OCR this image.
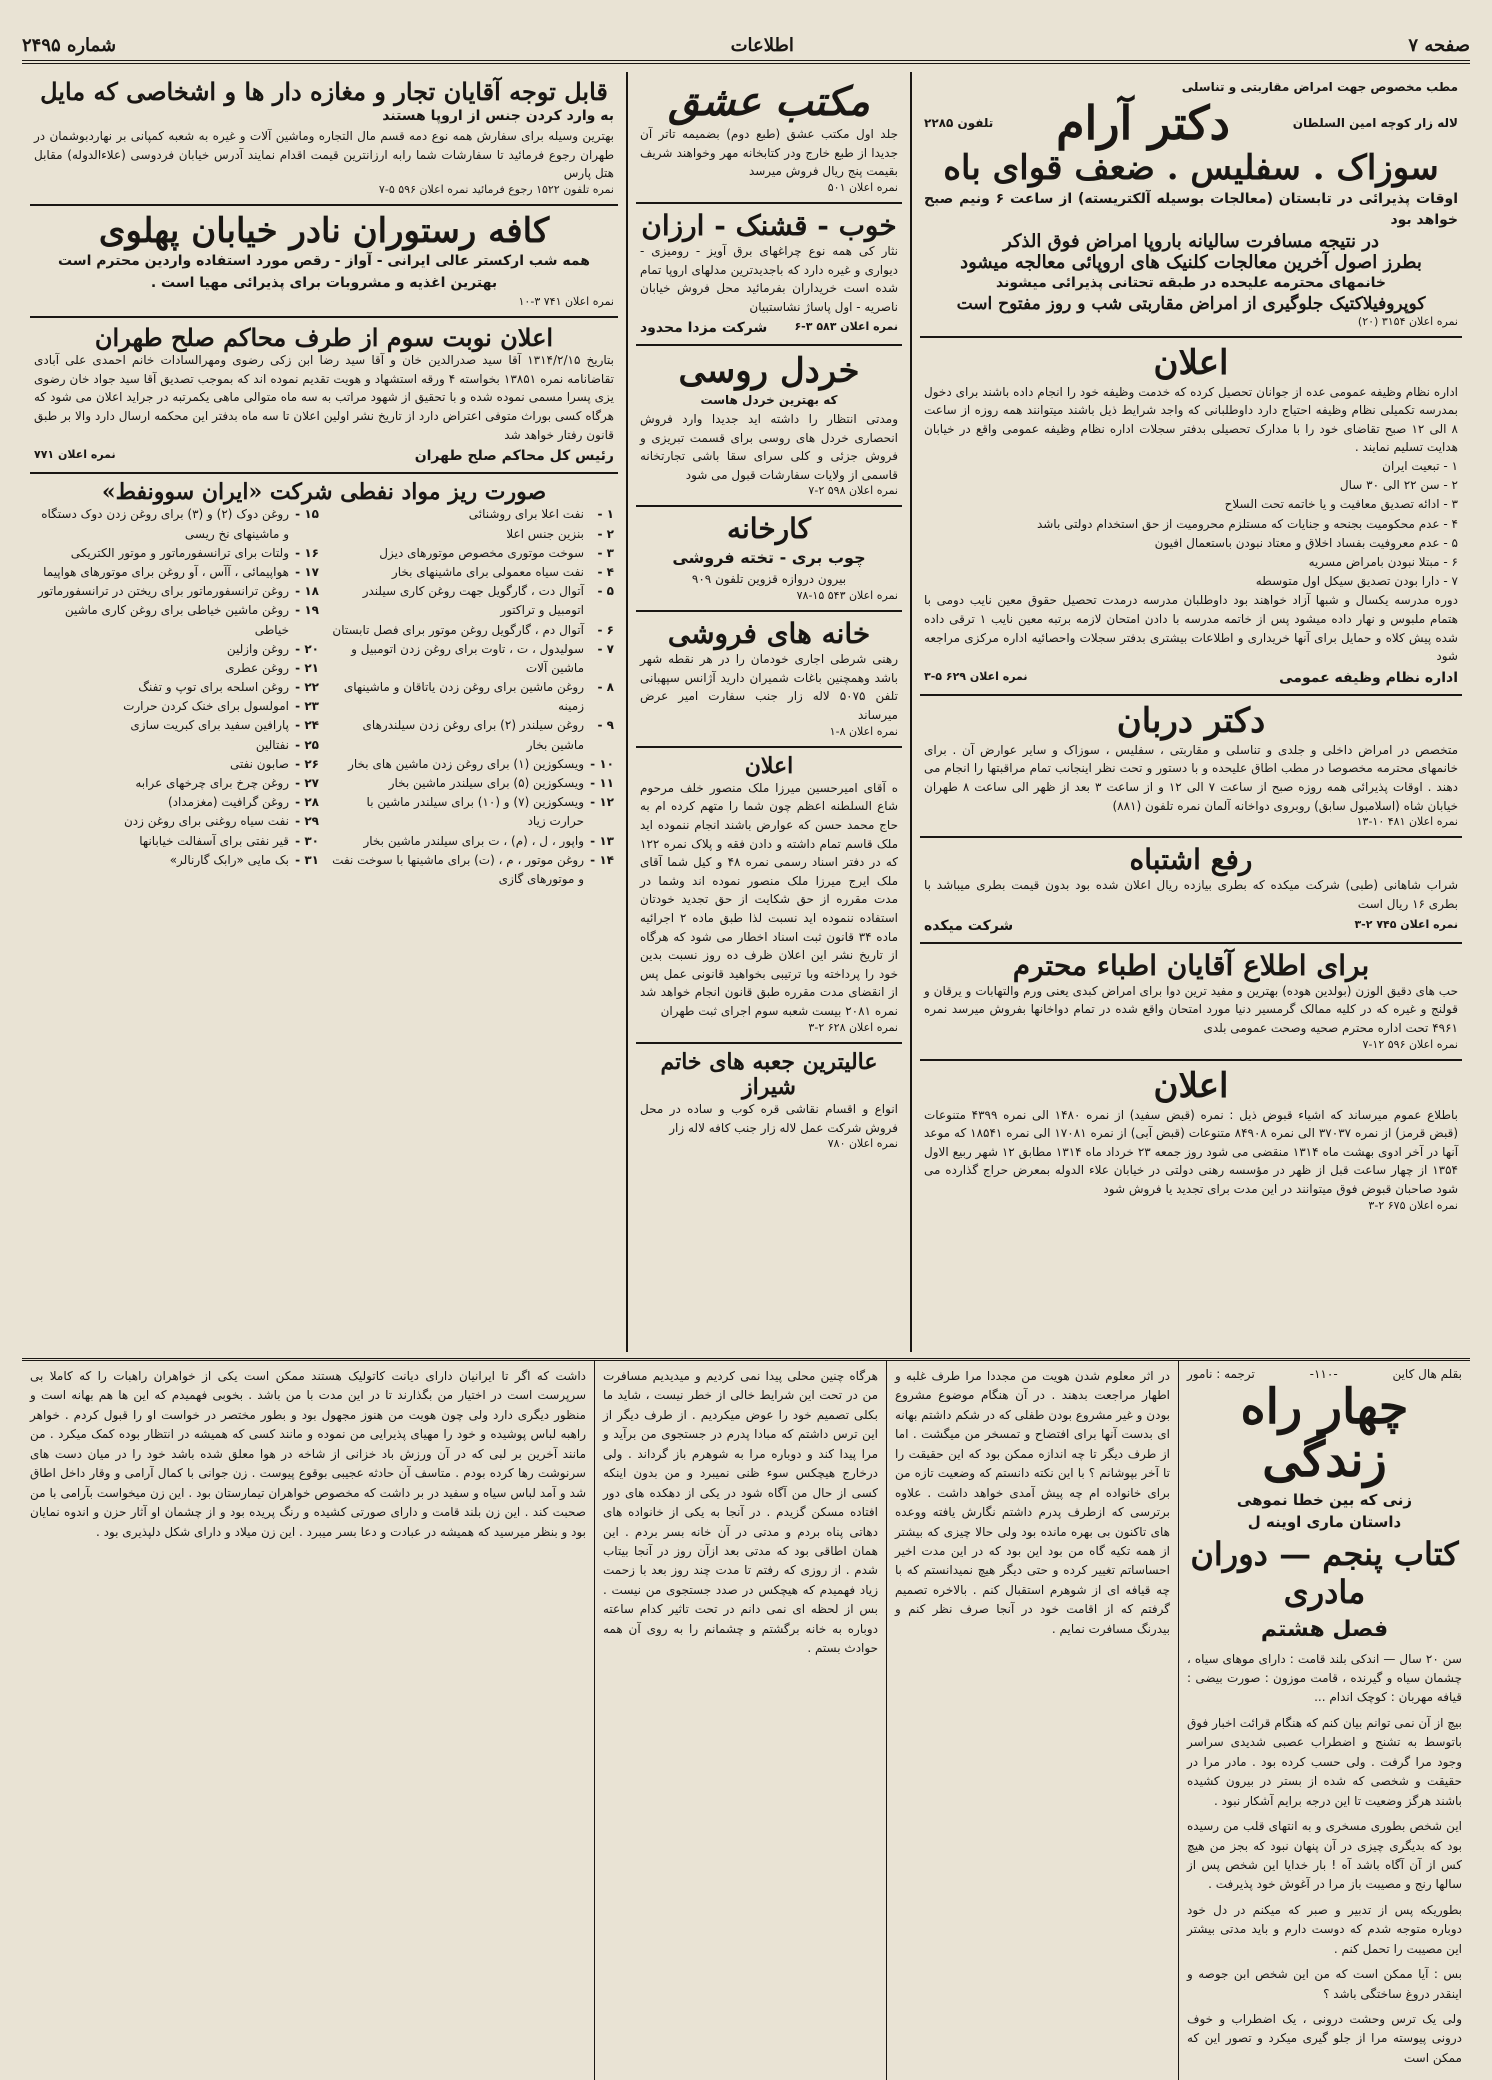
صفحه ۷
اطلاعات
شماره ۲۴۹۵
مطب مخصوص جهت امراض مقاربتی و تناسلی
لاله زار کوچه امین السلطان
دکتر آرام
تلفون ۲۲۸۵
سوزاک . سفلیس . ضعف قوای باه
اوقات پذیرائی در تابستان (معالجات بوسیله آلکتریسته) از ساعت ۶ ونیم صبح خواهد بود
در نتیجه مسافرت سالیانه باروپا امراض فوق الذکر
بطرز اصول آخرین معالجات کلنیک های اروپائی معالجه میشود
خانمهای محترمه علیحده در طبقه تحتانی پذیرائی میشوند
کوپروفیلاکتیک جلوگیری از امراض مقاربتی شب و روز مفتوح است
نمره اعلان ۳۱۵۴ (۲۰)
اعلان
اداره نظام وظیفه عمومی عده از جوانان تحصیل کرده که خدمت وظیفه خود را انجام داده باشند برای دخول بمدرسه تکمیلی نظام وظیفه احتیاج دارد داوطلبانی که واجد شرایط ذیل باشند میتوانند همه روزه از ساعت ۸ الی ۱۲ صبح تقاضای خود را با مدارک تحصیلی بدفتر سجلات اداره نظام وظیفه عمومی واقع در خیابان هدایت تسلیم نمایند .
۱ - تبعیت ایران
۲ - سن ۲۲ الی ۳۰ سال
۳ - ادائه تصدیق معافیت و یا خاتمه تحت السلاح
۴ - عدم محکومیت بجنحه و جنایات که مستلزم محرومیت از حق استخدام دولتی باشد
۵ - عدم معروفیت بفساد اخلاق و معتاد نبودن باستعمال افیون
۶ - مبتلا نبودن بامراض مسریه
۷ - دارا بودن تصدیق سیکل اول متوسطه
دوره مدرسه یکسال و شبها آزاد خواهند بود داوطلبان مدرسه درمدت تحصیل حقوق معین نایب دومی با هتمام ملبوس و نهار داده میشود پس از خاتمه مدرسه با دادن امتحان لازمه برتبه معین نایب ۱ ترقی داده شده پیش کلاه و حمایل برای آنها خریداری و اطلاعات بیشتری بدفتر سجلات واحصائیه اداره مرکزی مراجعه شود
اداره نظام وظیفه عمومی
نمره اعلان ۶۲۹ ۵-۳
دکتر دربان
متخصص در امراض داخلی و جلدی و تناسلی و مقاربتی ، سفلیس ، سوزاک و سایر عوارض آن . برای خانمهای محترمه مخصوصا در مطب اطاق علیحده و با دستور و تحت نظر اینجانب تمام مراقبتها را انجام می دهند . اوقات پذیرائی همه روزه صبح از ساعت ۷ الی ۱۲ و از ساعت ۳ بعد از ظهر الی ساعت ۸ طهران خیابان شاه (اسلامبول سابق) روبروی دواخانه آلمان نمره تلفون (۸۸۱)
نمره اعلان ۴۸۱ ۱۰-۱۳
رفع اشتباه
شراب شاهانی (طبی) شرکت میکده که بطری بیازده ریال اعلان شده بود بدون قیمت بطری میباشد با بطری ۱۶ ریال است
نمره اعلان ۷۴۵ ۲-۳
شرکت میکده
برای اطلاع آقایان اطباء محترم
حب های دقیق الوزن (بولدین هوده) بهترین و مفید ترین دوا برای امراض کبدی یعنی ورم والتهابات و یرقان و قولنج و غیره که در کلیه ممالک گرمسیر دنیا مورد امتحان واقع شده در تمام دواخانها بفروش میرسد نمره ۴۹۶۱ تحت اداره محترم صحیه وصحت عمومی بلدی
نمره اعلان ۵۹۶ ۱۲-۷
اعلان
باطلاع عموم میرساند که اشیاء قبوض ذیل : نمره (قبض سفید) از نمره ۱۴۸۰ الی نمره ۴۳۹۹ متنوعات (قبض قرمز) از نمره ۳۷۰۳۷ الی نمره ۸۴۹۰۸ متنوعات (قبض آبی) از نمره ۱۷۰۸۱ الی نمره ۱۸۵۴۱ که موعد آنها در آخر ادوی بهشت ماه ۱۳۱۴ منقضی می شود روز جمعه ۲۳ خرداد ماه ۱۳۱۴ مطابق ۱۲ شهر ربیع الاول ۱۳۵۴ از چهار ساعت قبل از ظهر در مؤسسه رهنی دولتی در خیابان علاء الدوله بمعرض حراج گذارده می شود صاحبان قبوض فوق میتوانند در این مدت برای تجدید یا فروش شود
نمره اعلان ۶۷۵ ۲-۳
مکتب عشق
جلد اول مکتب عشق (طبع دوم) بضمیمه تاتر آن جدیدا از طبع خارج ودر کتابخانه مهر وخواهند شریف بقیمت پنج ریال فروش میرسد
نمره اعلان ۵۰۱
خوب - قشنک - ارزان
نثار کی همه نوع چراغهای برق آویز - رومیزی - دیواری و غیره دارد که باجدیدترین مدلهای اروپا تمام شده است خریداران بفرمائید محل فروش خیابان ناصریه - اول پاساژ نشاستبیان
نمره اعلان ۵۸۳ ۳-۶
شرکت مزدا محدود
خردل روسی
که بهترین خردل هاست
ومدتی انتظار را داشته اید جدیدا وارد فروش انحصاری خردل های روسی برای قسمت تبریزی و فروش جزئی و کلی سرای سقا باشی تجارتخانه قاسمی از ولایات سفارشات قبول می شود
نمره اعلان ۵۹۸ ۲-۷
کارخانه
چوب بری - تخته فروشی
بیرون دروازه قزوین تلفون ۹۰۹
نمره اعلان ۵۴۳ ۱۵-۷۸
خانه های فروشی
رهنی شرطی اجاری خودمان را در هر نقطه شهر باشد وهمچنین باغات شمیران دارید آژانس سپهبانی تلفن ۵۰۷۵ لاله زار جنب سفارت امیر عرض میرساند
نمره اعلان ۸-۱
اعلان
ه آقای امیرحسین میرزا ملک منصور خلف مرحوم شاع السلطنه اعظم چون شما را متهم کرده ام به حاج محمد حسن که عوارض باشند انجام ننموده اید ملک قاسم تمام داشته و دادن فقه و پلاک نمره ۱۲۲ که در دفتر اسناد رسمی نمره ۴۸ و کیل شما آقای ملک ایرج میرزا ملک منصور نموده اند وشما در مدت مقرره از حق شکایت از حق تجدید خودتان استفاده ننموده اید نسبت لذا طبق ماده ۲ اجرائیه ماده ۳۴ قانون ثبت اسناد اخطار می شود که هرگاه از تاریخ نشر این اعلان ظرف ده روز نسبت بدین خود را پرداخته وبا ترتیبی بخواهید قانونی عمل پس از انقضای مدت مقرره طبق قانون انجام خواهد شد نمره ۲۰۸۱ بیست شعبه سوم اجرای ثبت طهران
نمره اعلان ۶۲۸ ۲-۳
عالیترین جعبه های خاتم شیراز
انواع و اقسام نقاشی قره کوب و ساده در محل فروش شرکت عمل لاله زار جنب کافه لاله زار
نمره اعلان ۷۸۰
قابل توجه آقایان تجار و مغازه دار ها و اشخاصی که مایل
به وارد کردن جنس از اروپا هستند
بهترین وسیله برای سفارش همه نوع دمه قسم مال التجاره وماشین آلات و غیره به شعبه کمپانی بر نهاردبوشمان در طهران رجوع فرمائید تا سفارشات شما رابه ارزانترین قیمت اقدام نمایند آدرس خیابان فردوسی (علاءالدوله) مقابل هتل پارس
نمره تلفون ۱۵۲۲ رجوع فرمائید نمره اعلان ۵۹۶ ۵-۷
کافه رستوران نادر خیابان پهلوی
همه شب ارکستر عالی ایرانی - آواز - رقص مورد استفاده واردین محترم است بهترین اغذیه و مشروبات برای پذیرائی مهیا است .
نمره اعلان ۷۴۱ ۳-۱۰
اعلان نوبت سوم از طرف محاکم صلح طهران
بتاریخ ۱۳۱۴/۲/۱۵ آقا سید صدرالدین خان و آقا سید رضا ابن زکی رضوی ومهرالسادات خانم احمدی علی آبادی تقاضانامه نمره ۱۳۸۵۱ بخواسته ۴ ورقه استشهاد و هویت تقدیم نموده اند که بموجب تصدیق آقا سید جواد خان رضوی یزی پسرا مسمی نموده شده و با تحقیق از شهود مراتب به سه ماه متوالی ماهی یکمرتبه در جراید اعلان می شود که هرگاه کسی بوراث متوفی اعتراض دارد از تاریخ نشر اولین اعلان تا سه ماه بدفتر این محکمه ارسال دارد والا بر طبق قانون رفتار خواهد شد
رئیس کل محاکم صلح طهران
نمره اعلان ۷۷۱
صورت ریز مواد نفطی شرکت «ایران سوونفط»
۱ -
نفت اعلا برای روشنائی
۲ -
بنزین جنس اعلا
۳ -
سوخت موتوری مخصوص موتورهای دیزل
۴ -
نفت سیاه معمولی برای ماشینهای بخار
۵ -
آتوال دت ، گارگویل جهت روغن کاری سیلندر اتومبیل و تراکتور
۶ -
آتوال دم ، گارگویل روغن موتور برای فصل تابستان
۷ -
سولیدول ، ت ، تاوت برای روغن زدن اتومبیل و ماشین آلات
۸ -
روغن ماشین برای روغن زدن یاتاقان و ماشینهای زمینه
۹ -
روغن سیلندر (۲) برای روغن زدن سیلندرهای ماشین بخار
۱۰ -
ویسکوزین (۱) برای روغن زدن ماشین های بخار
۱۱ -
ویسکوزین (۵) برای سیلندر ماشین بخار
۱۲ -
ویسکوزین (۷) و (۱۰) برای سیلندر ماشین با حرارت زیاد
۱۳ -
واپور ، ل ، (م) ، ت برای سیلندر ماشین بخار
۱۴ -
روغن موتور ، م ، (ت) برای ماشینها با سوخت نفت و موتورهای گازی
۱۵ -
روغن دوک (۲) و (۳) برای روغن زدن دوک دستگاه و ماشینهای نخ ریسی
۱۶ -
ولتات برای ترانسفورماتور و موتور الکتریکی
۱۷ -
هواپیمائی ، آآس ، آو روغن برای موتورهای هواپیما
۱۸ -
روغن ترانسفورماتور برای ریختن در ترانسفورماتور
۱۹ -
روغن ماشین خیاطی برای روغن کاری ماشین خیاطی
۲۰ -
روغن وازلین
۲۱ -
روغن عطری
۲۲ -
روغن اسلحه برای توپ و تفنگ
۲۳ -
امولسول برای خنک کردن حرارت
۲۴ -
پارافین سفید برای کبریت سازی
۲۵ -
نفتالین
۲۶ -
صابون نفتی
۲۷ -
روغن چرخ برای چرخهای عرابه
۲۸ -
روغن گرافیت (مغزمداد)
۲۹ -
نفت سیاه روغنی برای روغن زدن
۳۰ -
قیر نفتی برای آسفالت خیابانها
۳۱ -
بک مایی «رابک گارنالر»
بقلم هال کاین
-۱۱۰-
ترجمه : نامور
چهار راه زندگی
زنی که بین خطا نموهی
داستان ماری اوینه ل
کتاب پنجم — دوران مادری
فصل هشتم

سن ۲۰ سال — اندکی بلند قامت : دارای موهای سیاه ، چشمان سیاه و گیرنده ، قامت موزون : صورت بیضی : قیافه مهربان : کوچک اندام ...

بیچ از آن نمی توانم بیان کنم که هنگام قرائت اخبار فوق باتوسط به تشنج و اضطراب عصبی شدیدی سراسر وجود مرا گرفت . ولی حسب کرده بود . مادر مرا در حقیقت و شخصی که شده از بستر در بیرون کشیده باشند هرگز وضعیت تا این درجه برایم آشکار نبود .

این شخص بطوری مسخری و به انتهای قلب من رسیده بود که بدیگری چیزی در آن پنهان نبود که بجز من هیچ کس از آن آگاه باشد آه ! بار خدایا این شخص پس از سالها رنج و مصیبت باز مرا در آغوش خود پذیرفت .

بطوریکه پس از تدبیر و صبر که میکنم در دل خود دوباره متوجه شدم که دوست دارم و باید مدتی بیشتر این مصیبت را تحمل کنم .

بس : آیا ممکن است که من این شخص ابن جوصه و اینقدر دروغ ساختگی باشد ؟

ولی یک ترس وحشت درونی ، یک اضطراب و خوف درونی پیوسته مرا از جلو گیری میکرد و تصور این که ممکن است

در اثر معلوم شدن هویت من مجددا مرا طرف غلبه و اطهار مراجعت بدهند . در آن هنگام موضوع مشروع بودن و غیر مشروع بودن طفلی که در شکم داشتم بهانه ای بدست آنها برای افتضاح و تمسخر من میگشت . اما از طرف دیگر تا چه اندازه ممکن بود که این حقیقت را تا آخر بپوشانم ؟ با این نکته دانستم که وضعیت تازه من برای خانواده ام چه پیش آمدی خواهد داشت . علاوه برترسی که ازطرف پدرم داشتم نگارش یافته ووعده های تاکنون بی بهره مانده بود ولی حالا چیزی که بیشتر از همه تکیه گاه من بود این بود که در این مدت اخیر احساساتم تغییر کرده و حتی دیگر هیچ نمیدانستم که با چه قیافه ای از شوهرم استقبال کنم . بالاخره تصمیم گرفتم که از اقامت خود در آنجا صرف نظر کنم و بیدرنگ مسافرت نمایم .

هرگاه چنین محلی پیدا نمی کردیم و میدیدیم مسافرت من در تحت این شرایط خالی از خطر نیست ، شاید ما بکلی تصمیم خود را عوض میکردیم . از طرف دیگر از این ترس داشتم که مبادا پدرم در جستجوی من برآید و مرا پیدا کند و دوباره مرا به شوهرم باز گرداند . ولی درخارج هیچکس سوء ظنی نمیبرد و من بدون اینکه کسی از حال من آگاه شود در یکی از دهکده های دور افتاده مسکن گزیدم . در آنجا به یکی از خانواده های دهاتی پناه بردم و مدتی در آن خانه بسر بردم . این همان اطاقی بود که مدتی بعد ازآن روز در آنجا بیتاب شدم . از روزی که رفتم تا مدت چند روز بعد با زحمت زیاد فهمیدم که هیچکس در صدد جستجوی من نیست . بس از لحظه ای نمی دانم در تحت تاثیر کدام ساعته دوباره به خانه برگشتم و چشمانم را به روی آن همه حوادث بستم .

داشت که اگر تا ایرانیان دارای دیانت کاتولیک هستند ممکن است یکی از خواهران راهبات را که کاملا بی سرپرست است در اختیار من بگذارند تا در این مدت با من باشد . بخوبی فهمیدم که این ها هم بهانه است و منظور دیگری دارد ولی چون هویت من هنوز مجهول بود و بطور مختصر در خواست او را قبول کردم . خواهر راهبه لباس پوشیده و خود را مهیای پذیرایی من نموده و مانند کسی که همیشه در انتظار بوده کمک میکرد . من مانند آخرین بر لبی که در آن ورزش باد خزانی از شاخه در هوا معلق شده باشد خود را در میان دست های سرنوشت رها کرده بودم . متاسف آن حادثه عجیبی بوقوع پیوست . زن جوانی با کمال آرامی و وقار داخل اطاق شد و آمد لباس سیاه و سفید در بر داشت که مخصوص خواهران تیمارستان بود . این زن میخواست بآرامی با من صحبت کند . این زن بلند قامت و دارای صورتی کشیده و رنگ پریده بود و از چشمان او آثار حزن و اندوه نمایان بود و بنظر میرسید که همیشه در عبادت و دعا بسر میبرد . این زن میلاد و دارای شکل دلپذیری بود .
